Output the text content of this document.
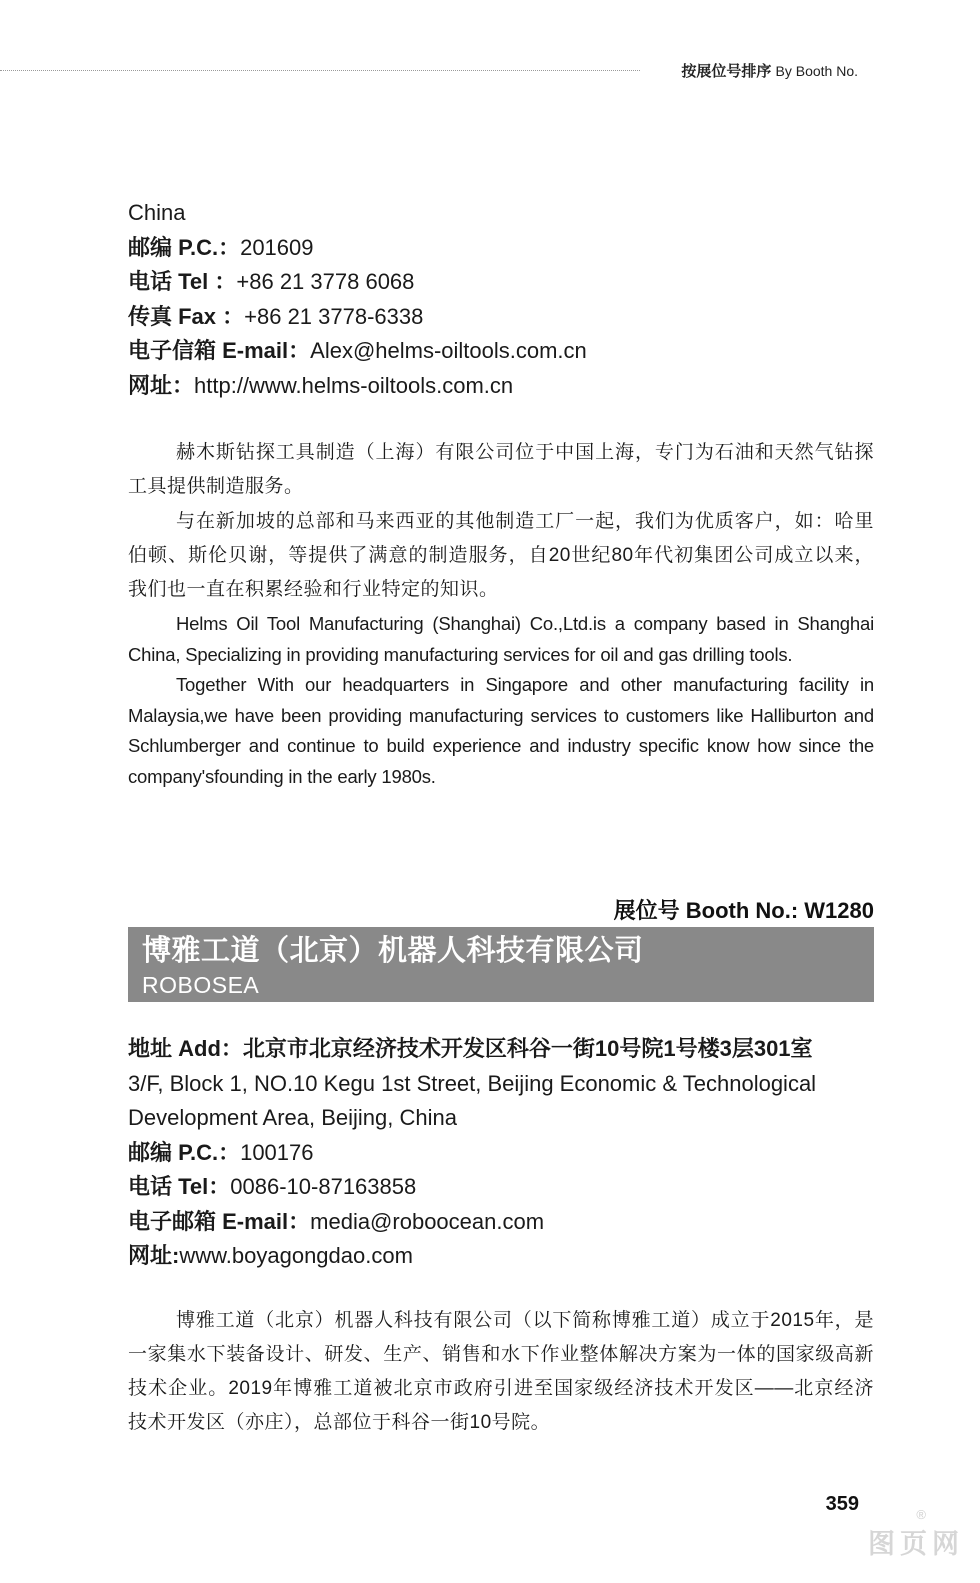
按展位号排序 By Booth No.
China
邮编 P.C.：201609
电话 Tel ：+86 21 3778 6068
传真 Fax ：+86 21 3778-6338
电子信箱 E-mail：Alex@helms-oiltools.com.cn
网址：http://www.helms-oiltools.com.cn

赫木斯钻探工具制造（上海）有限公司位于中国上海，专门为石油和天然气钻探工具提供制造服务。

与在新加坡的总部和马来西亚的其他制造工厂一起，我们为优质客户，如：哈里伯顿、斯伦贝谢，等提供了满意的制造服务，自20世纪80年代初集团公司成立以来，我们也一直在积累经验和行业特定的知识。

Helms Oil Tool Manufacturing (Shanghai) Co.,Ltd.is a company based in Shanghai China, Specializing in providing manufacturing services for oil and gas drilling tools.

Together With our headquarters in Singapore and other manufacturing facility in Malaysia,we have been providing manufacturing services to customers like Halliburton and Schlumberger and continue to build experience and industry specific know how since the company'sfounding in the early 1980s.

展位号 Booth No.: W1280
博雅工道（北京）机器人科技有限公司
ROBOSEA
地址 Add：北京市北京经济技术开发区科谷一街10号院1号楼3层301室
3/F, Block 1, NO.10 Kegu 1st Street, Beijing Economic & Technological Development Area, Beijing, China
邮编 P.C.：100176
电话 Tel：0086-10-87163858
电子邮箱 E-mail：media@roboocean.com
网址:www.boyagongdao.com

博雅工道（北京）机器人科技有限公司（以下简称博雅工道）成立于2015年，是一家集水下装备设计、研发、生产、销售和水下作业整体解决方案为一体的国家级高新技术企业。2019年博雅工道被北京市政府引进至国家级经济技术开发区——北京经济技术开发区（亦庄），总部位于科谷一街10号院。

359	®
图页网
